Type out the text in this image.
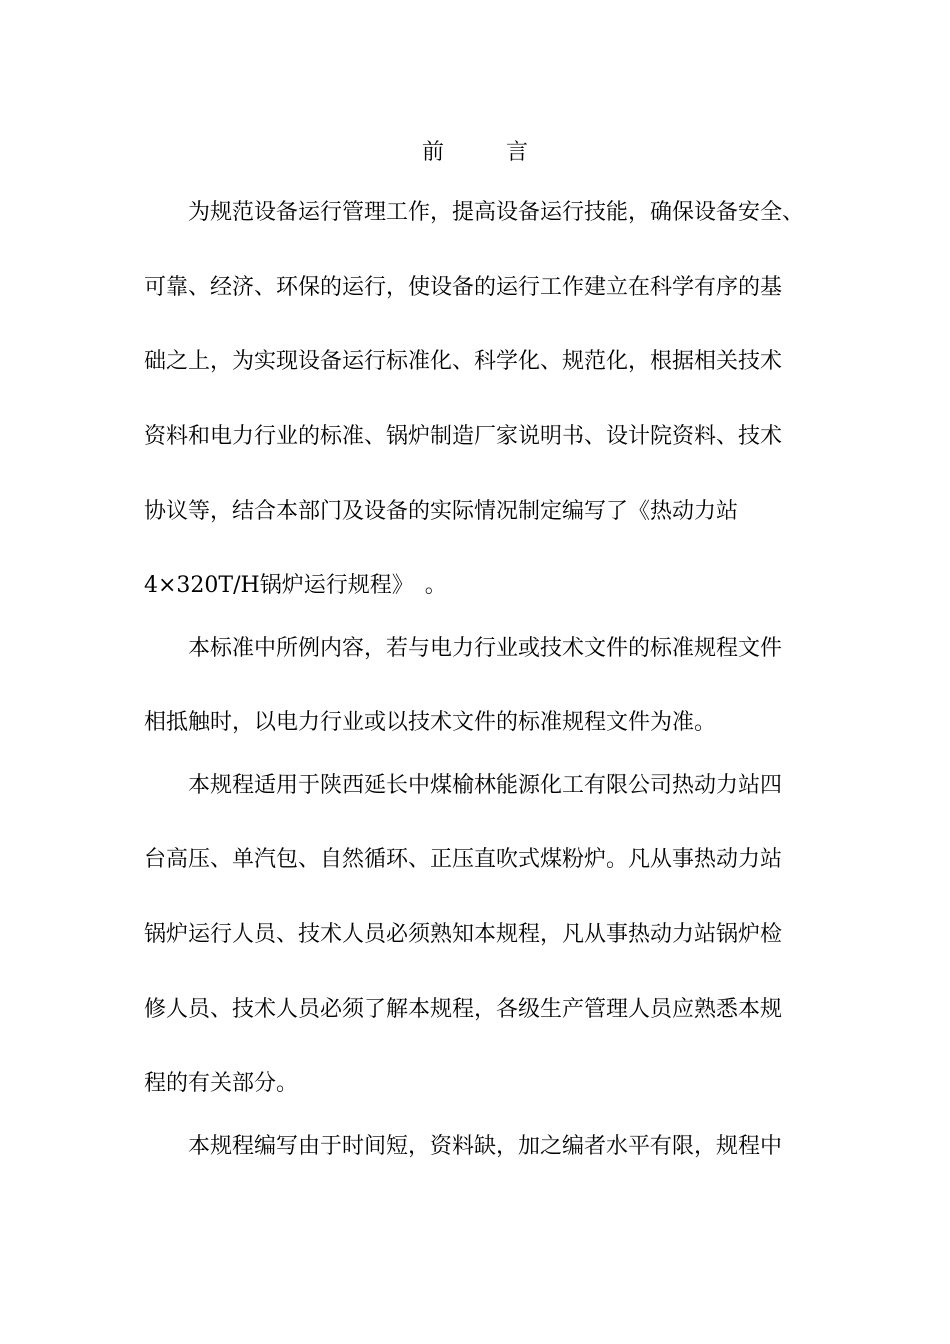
前	言
　　为规范设备运行管理工作，提高设备运行技能，确保设备安全、
可靠、经济、环保的运行，使设备的运行工作建立在科学有序的基
础之上，为实现设备运行标准化、科学化、规范化，根据相关技术
资料和电力行业的标准、锅炉制造厂家说明书、设计院资料、技术
协议等，结合本部门及设备的实际情况制定编写了《热动力站
4×320T/H锅炉运行规程》　。
　　本标准中所例内容，若与电力行业或技术文件的标准规程文件
相抵触时，以电力行业或以技术文件的标准规程文件为准。
　　本规程适用于陕西延长中煤榆林能源化工有限公司热动力站四
台高压、单汽包、自然循环、正压直吹式煤粉炉。凡从事热动力站
锅炉运行人员、技术人员必须熟知本规程，凡从事热动力站锅炉检
修人员、技术人员必须了解本规程，各级生产管理人员应熟悉本规
程的有关部分。
　　本规程编写由于时间短，资料缺，加之编者水平有限，规程中
